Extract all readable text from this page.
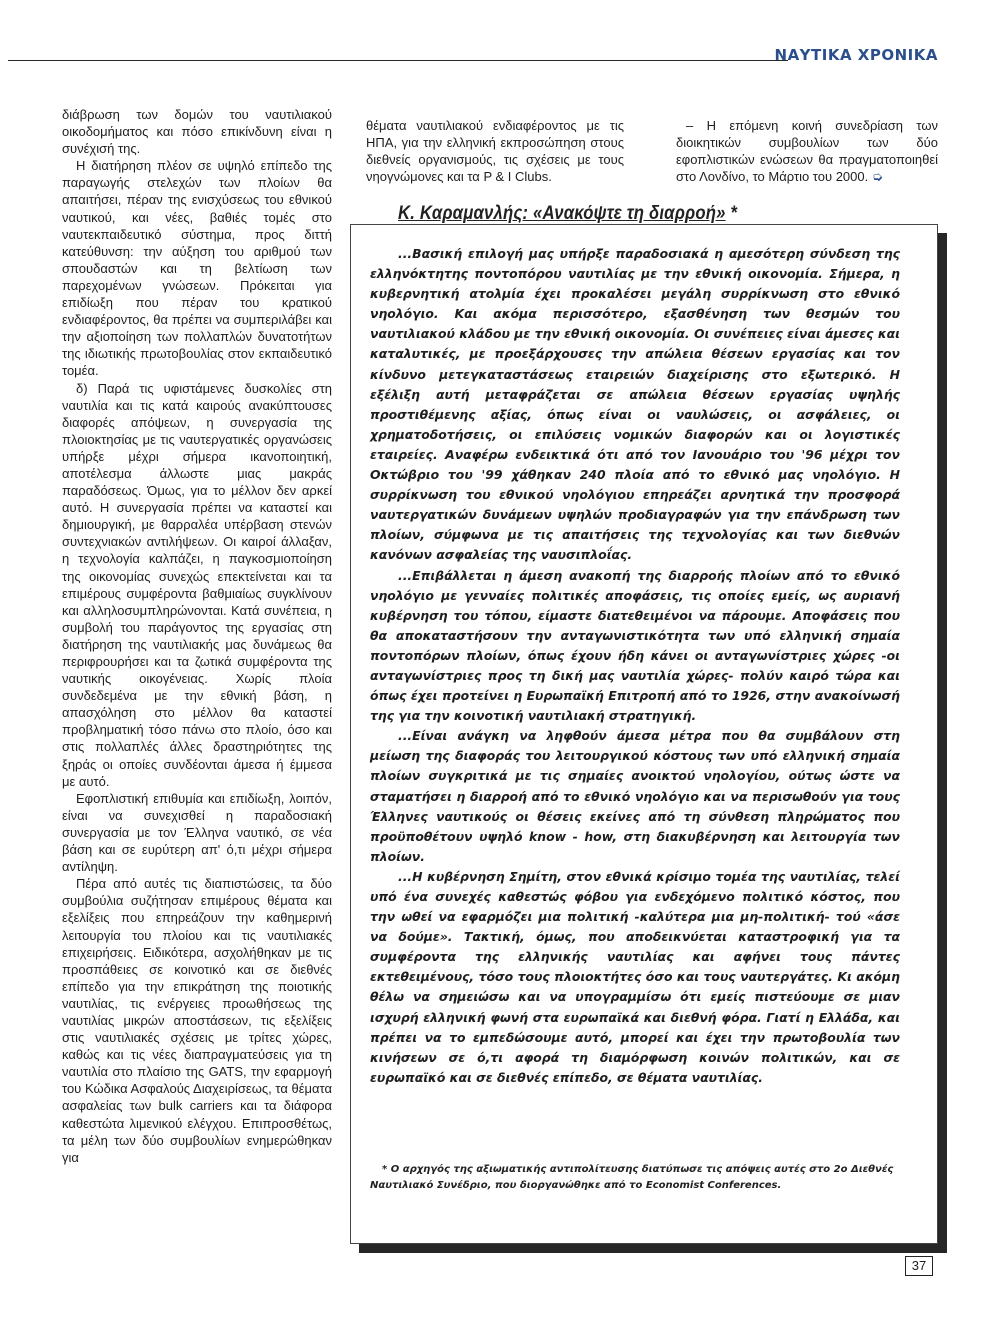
ΝΑΥΤΙΚΑ ΧΡΟΝΙΚΑ

διάβρωση των δομών του ναυτιλιακού οικοδομήματος και πόσο επικίνδυνη είναι η συνέχισή της.

Η διατήρηση πλέον σε υψηλό επίπεδο της παραγωγής στελεχών των πλοίων θα απαιτήσει, πέραν της ενισχύσεως του εθνικού ναυτικού, και νέες, βαθιές τομές στο ναυτεκπαιδευτικό σύστημα, προς διττή κατεύθυνση: την αύξηση του αριθμού των σπουδαστών και τη βελτίωση των παρεχομένων γνώσεων. Πρόκειται για επιδίωξη που πέραν του κρατικού ενδιαφέροντος, θα πρέπει να συμπεριλάβει και την αξιοποίηση των πολλαπλών δυνατοτήτων της ιδιωτικής πρωτοβουλίας στον εκπαιδευτικό τομέα.

δ) Παρά τις υφιστάμενες δυσκολίες στη ναυτιλία και τις κατά καιρούς ανακύπτουσες διαφορές απόψεων, η συνεργασία της πλοιοκτησίας με τις ναυτεργατικές οργανώσεις υπήρξε μέχρι σήμερα ικανοποιητική, αποτέλεσμα άλλωστε μιας μακράς παραδόσεως. Όμως, για το μέλλον δεν αρκεί αυτό. Η συνεργασία πρέπει να καταστεί και δημιουργική, με θαρραλέα υπέρβαση στενών συντεχνιακών αντιλήψεων. Οι καιροί άλλαξαν, η τεχνολογία καλπάζει, η παγκοσμιοποίηση της οικονομίας συνεχώς επεκτείνεται και τα επιμέρους συμφέροντα βαθμιαίως συγκλίνουν και αλληλοσυμπληρώνονται. Κατά συνέπεια, η συμβολή του παράγοντος της εργασίας στη διατήρηση της ναυτιλιακής μας δυνάμεως θα περιφρουρήσει και τα ζωτικά συμφέροντα της ναυτικής οικογένειας. Χωρίς πλοία συνδεδεμένα με την εθνική βάση, η απασχόληση στο μέλλον θα καταστεί προβληματική τόσο πάνω στο πλοίο, όσο και στις πολλαπλές άλλες δραστηριότητες της ξηράς οι οποίες συνδέονται άμεσα ή έμμεσα με αυτό.

Εφοπλιστική επιθυμία και επιδίωξη, λοιπόν, είναι να συνεχισθεί η παραδοσιακή συνεργασία με τον Έλληνα ναυτικό, σε νέα βάση και σε ευρύτερη απ' ό,τι μέχρι σήμερα αντίληψη.

Πέρα από αυτές τις διαπιστώσεις, τα δύο συμβούλια συζήτησαν επιμέρους θέματα και εξελίξεις που επηρεάζουν την καθημερινή λειτουργία του πλοίου και τις ναυτιλιακές επιχειρήσεις. Ειδικότερα, ασχολήθηκαν με τις προσπάθειες σε κοινοτικό και σε διεθνές επίπεδο για την επικράτηση της ποιοτικής ναυτιλίας, τις ενέργειες προωθήσεως της ναυτιλίας μικρών αποστάσεων, τις εξελίξεις στις ναυτιλιακές σχέσεις με τρίτες χώρες, καθώς και τις νέες διαπραγματεύσεις για τη ναυτιλία στο πλαίσιο της GATS, την εφαρμογή του Κώδικα Ασφαλούς Διαχειρίσεως, τα θέματα ασφαλείας των bulk carriers και τα διάφορα καθεστώτα λιμενικού ελέγχου. Επιπροσθέτως, τα μέλη των δύο συμβουλίων ενημερώθηκαν για

θέματα ναυτιλιακού ενδιαφέροντος με τις ΗΠΑ, για την ελληνική εκπροσώπηση στους διεθνείς οργανισμούς, τις σχέσεις με τους νηογνώμονες και τα P & I Clubs.

– Η επόμενη κοινή συνεδρίαση των διοικητικών συμβουλίων των δύο εφοπλιστικών ενώσεων θα πραγματοποιηθεί στο Λονδίνο, το Μάρτιο του 2000. ➭

Κ. Καραμανλής: «Ανακόψτε τη διαρροή» *

...Βασική επιλογή μας υπήρξε παραδοσιακά η αμεσότερη σύνδεση της ελληνόκτητης ποντοπόρου ναυτιλίας με την εθνική οικονομία. Σήμερα, η κυβερνητική ατολμία έχει προκαλέσει μεγάλη συρρίκνωση στο εθνικό νηολόγιο. Και ακόμα περισσότερο, εξασθένηση των θεσμών του ναυτιλιακού κλάδου με την εθνική οικονομία. Οι συνέπειες είναι άμεσες και καταλυτικές, με προεξάρχουσες την απώλεια θέσεων εργασίας και τον κίνδυνο μετεγκαταστάσεως εταιρειών διαχείρισης στο εξωτερικό. Η εξέλιξη αυτή μεταφράζεται σε απώλεια θέσεων εργασίας υψηλής προστιθέμενης αξίας, όπως είναι οι ναυλώσεις, οι ασφάλειες, οι χρηματοδοτήσεις, οι επιλύσεις νομικών διαφορών και οι λογιστικές εταιρείες. Αναφέρω ενδεικτικά ότι από τον Ιανουάριο του '96 μέχρι τον Οκτώβριο του '99 χάθηκαν 240 πλοία από το εθνικό μας νηολόγιο. Η συρρίκνωση του εθνικού νηολόγιου επηρεάζει αρνητικά την προσφορά ναυτεργατικών δυνάμεων υψηλών προδιαγραφών για την επάνδρωση των πλοίων, σύμφωνα με τις απαιτήσεις της τεχνολογίας και των διεθνών κανόνων ασφαλείας της ναυσιπλοΐας.

...Επιβάλλεται η άμεση ανακοπή της διαρροής πλοίων από το εθνικό νηολόγιο με γενναίες πολιτικές αποφάσεις, τις οποίες εμείς, ως αυριανή κυβέρνηση του τόπου, είμαστε διατεθειμένοι να πάρουμε. Αποφάσεις που θα αποκαταστήσουν την ανταγωνιστικότητα των υπό ελληνική σημαία ποντοπόρων πλοίων, όπως έχουν ήδη κάνει οι ανταγωνίστριες χώρες -οι ανταγωνίστριες προς τη δική μας ναυτιλία χώρες- πολύν καιρό τώρα και όπως έχει προτείνει η Ευρωπαϊκή Επιτροπή από το 1926, στην ανακοίνωσή της για την κοινοτική ναυτιλιακή στρατηγική.

...Είναι ανάγκη να ληφθούν άμεσα μέτρα που θα συμβάλουν στη μείωση της διαφοράς του λειτουργικού κόστους των υπό ελληνική σημαία πλοίων συγκριτικά με τις σημαίες ανοικτού νηολογίου, ούτως ώστε να σταματήσει η διαρροή από το εθνικό νηολόγιο και να περισωθούν για τους Έλληνες ναυτικούς οι θέσεις εκείνες από τη σύνθεση πληρώματος που προϋποθέτουν υψηλό know - how, στη διακυβέρνηση και λειτουργία των πλοίων.

...Η κυβέρνηση Σημίτη, στον εθνικά κρίσιμο τομέα της ναυτιλίας, τελεί υπό ένα συνεχές καθεστώς φόβου για ενδεχόμενο πολιτικό κόστος, που την ωθεί να εφαρμόζει μια πολιτική -καλύτερα μια μη-πολιτική- τού «άσε να δούμε». Τακτική, όμως, που αποδεικνύεται καταστροφική για τα συμφέροντα της ελληνικής ναυτιλίας και αφήνει τους πάντες εκτεθειμένους, τόσο τους πλοιοκτήτες όσο και τους ναυτεργάτες. Κι ακόμη θέλω να σημειώσω και να υπογραμμίσω ότι εμείς πιστεύουμε σε μιαν ισχυρή ελληνική φωνή στα ευρωπαϊκά και διεθνή φόρα. Γιατί η Ελλάδα, και πρέπει να το εμπεδώσουμε αυτό, μπορεί και έχει την πρωτοβουλία των κινήσεων σε ό,τι αφορά τη διαμόρφωση κοινών πολιτικών, και σε ευρωπαϊκό και σε διεθνές επίπεδο, σε θέματα ναυτιλίας.

* Ο αρχηγός της αξιωματικής αντιπολίτευσης διατύπωσε τις απόψεις αυτές στο 2ο Διεθνές Ναυτιλιακό Συνέδριο, που διοργανώθηκε από το Economist Conferences.
37
